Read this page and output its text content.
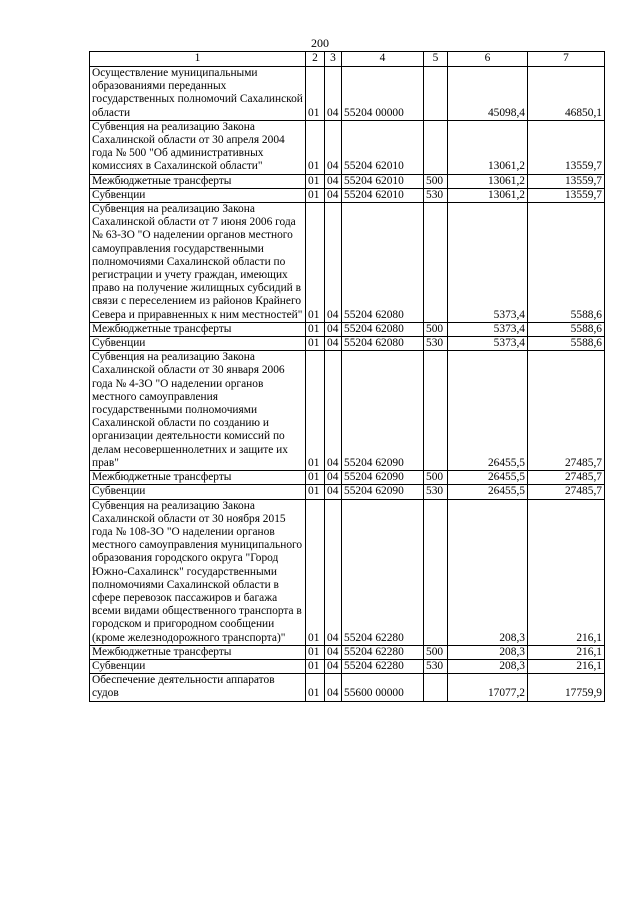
200
1	2	3	4	5	6	7
Осуществление муниципальными образованиями переданных государственных полномочий Сахалинской области	01	04	55204 00000		45098,4	46850,1
Субвенция на реализацию Закона Сахалинской области от 30 апреля 2004 года № 500 "Об административных комиссиях в Сахалинской области"	01	04	55204 62010		13061,2	13559,7
Межбюджетные трансферты	01	04	55204 62010	500	13061,2	13559,7
Субвенции	01	04	55204 62010	530	13061,2	13559,7
Субвенция на реализацию Закона Сахалинской области от 7 июня 2006 года № 63-ЗО "О наделении органов местного самоуправления государственными полномочиями Сахалинской области по регистрации и учету граждан, имеющих право на получение жилищных субсидий в связи с переселением из районов Крайнего Севера и приравненных к ним местностей"	01	04	55204 62080		5373,4	5588,6
Межбюджетные трансферты	01	04	55204 62080	500	5373,4	5588,6
Субвенции	01	04	55204 62080	530	5373,4	5588,6
Субвенция на реализацию Закона Сахалинской области от 30 января 2006 года № 4-ЗО "О наделении органов местного самоуправления государственными полномочиями Сахалинской области по созданию и организации деятельности комиссий по делам несовершеннолетних и защите их прав"	01	04	55204 62090		26455,5	27485,7
Межбюджетные трансферты	01	04	55204 62090	500	26455,5	27485,7
Субвенции	01	04	55204 62090	530	26455,5	27485,7
Субвенция на реализацию Закона Сахалинской области от 30 ноября 2015 года № 108-ЗО "О наделении органов местного самоуправления муниципального образования городского округа "Город Южно-Сахалинск" государственными полномочиями Сахалинской области в сфере перевозок пассажиров и багажа всеми видами общественного транспорта в городском и пригородном сообщении (кроме железнодорожного транспорта)"	01	04	55204 62280		208,3	216,1
Межбюджетные трансферты	01	04	55204 62280	500	208,3	216,1
Субвенции	01	04	55204 62280	530	208,3	216,1
Обеспечение деятельности аппаратов судов	01	04	55600 00000		17077,2	17759,9
